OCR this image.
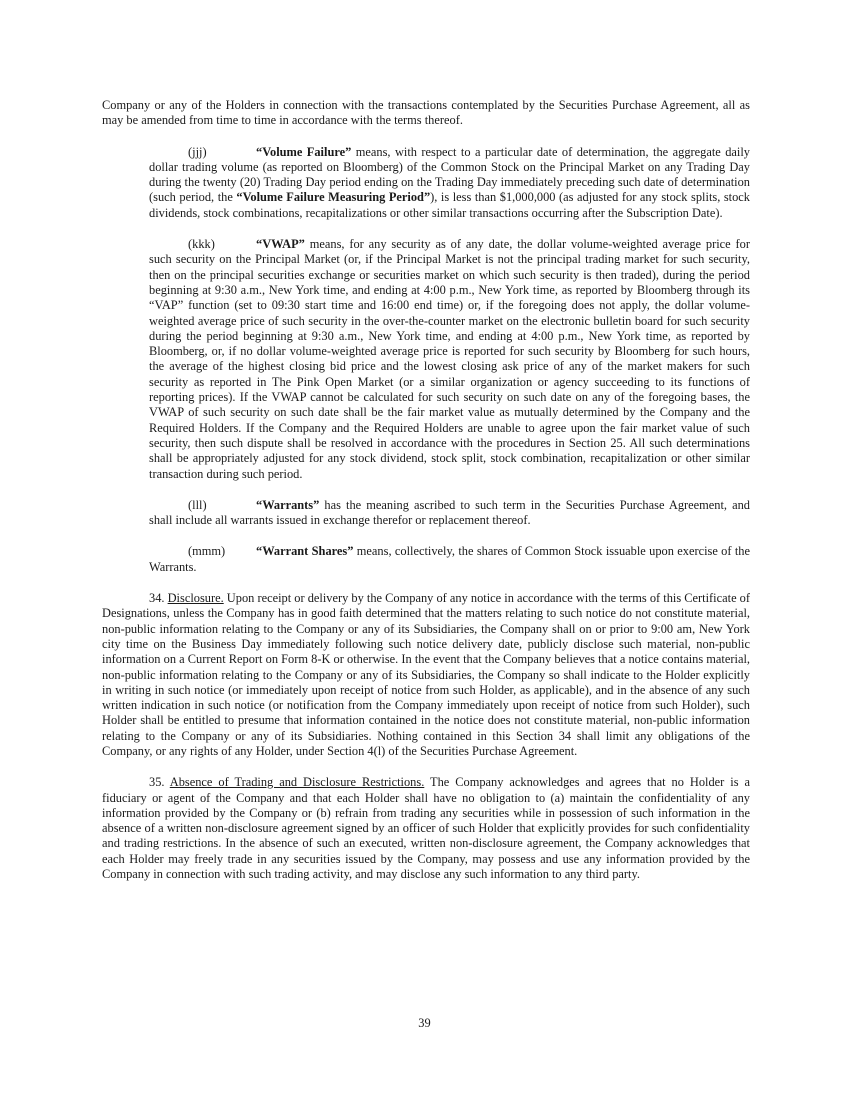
Company or any of the Holders in connection with the transactions contemplated by the Securities Purchase Agreement, all as may be amended from time to time in accordance with the terms thereof.

(jjj)	“Volume Failure” means, with respect to a particular date of determination, the aggregate daily dollar trading volume (as reported on Bloomberg) of the Common Stock on the Principal Market on any Trading Day during the twenty (20) Trading Day period ending on the Trading Day immediately preceding such date of determination (such period, the “Volume Failure Measuring Period”), is less than $1,000,000 (as adjusted for any stock splits, stock dividends, stock combinations, recapitalizations or other similar transactions occurring after the Subscription Date).

(kkk)	“VWAP” means, for any security as of any date, the dollar volume-weighted average price for such security on the Principal Market (or, if the Principal Market is not the principal trading market for such security, then on the principal securities exchange or securities market on which such security is then traded), during the period beginning at 9:30 a.m., New York time, and ending at 4:00 p.m., New York time, as reported by Bloomberg through its “VAP” function (set to 09:30 start time and 16:00 end time) or, if the foregoing does not apply, the dollar volume-weighted average price of such security in the over-the-counter market on the electronic bulletin board for such security during the period beginning at 9:30 a.m., New York time, and ending at 4:00 p.m., New York time, as reported by Bloomberg, or, if no dollar volume-weighted average price is reported for such security by Bloomberg for such hours, the average of the highest closing bid price and the lowest closing ask price of any of the market makers for such security as reported in The Pink Open Market (or a similar organization or agency succeeding to its functions of reporting prices). If the VWAP cannot be calculated for such security on such date on any of the foregoing bases, the VWAP of such security on such date shall be the fair market value as mutually determined by the Company and the Required Holders. If the Company and the Required Holders are unable to agree upon the fair market value of such security, then such dispute shall be resolved in accordance with the procedures in Section 25. All such determinations shall be appropriately adjusted for any stock dividend, stock split, stock combination, recapitalization or other similar transaction during such period.

(lll)	“Warrants” has the meaning ascribed to such term in the Securities Purchase Agreement, and shall include all warrants issued in exchange therefor or replacement thereof.

(mmm) “Warrant Shares” means, collectively, the shares of Common Stock issuable upon exercise of the Warrants.

34. Disclosure. Upon receipt or delivery by the Company of any notice in accordance with the terms of this Certificate of Designations, unless the Company has in good faith determined that the matters relating to such notice do not constitute material, non-public information relating to the Company or any of its Subsidiaries, the Company shall on or prior to 9:00 am, New York city time on the Business Day immediately following such notice delivery date, publicly disclose such material, non-public information on a Current Report on Form 8-K or otherwise. In the event that the Company believes that a notice contains material, non-public information relating to the Company or any of its Subsidiaries, the Company so shall indicate to the Holder explicitly in writing in such notice (or immediately upon receipt of notice from such Holder, as applicable), and in the absence of any such written indication in such notice (or notification from the Company immediately upon receipt of notice from such Holder), such Holder shall be entitled to presume that information contained in the notice does not constitute material, non-public information relating to the Company or any of its Subsidiaries. Nothing contained in this Section 34 shall limit any obligations of the Company, or any rights of any Holder, under Section 4(l) of the Securities Purchase Agreement.

35. Absence of Trading and Disclosure Restrictions. The Company acknowledges and agrees that no Holder is a fiduciary or agent of the Company and that each Holder shall have no obligation to (a) maintain the confidentiality of any information provided by the Company or (b) refrain from trading any securities while in possession of such information in the absence of a written non-disclosure agreement signed by an officer of such Holder that explicitly provides for such confidentiality and trading restrictions. In the absence of such an executed, written non-disclosure agreement, the Company acknowledges that each Holder may freely trade in any securities issued by the Company, may possess and use any information provided by the Company in connection with such trading activity, and may disclose any such information to any third party.

39
